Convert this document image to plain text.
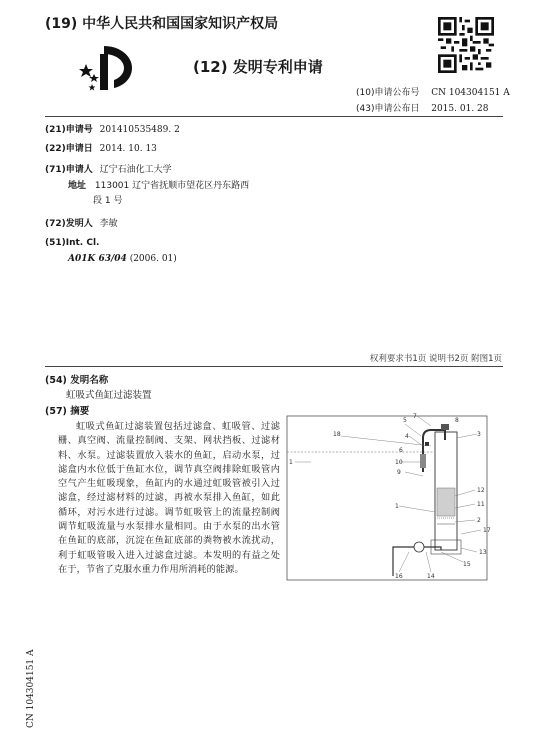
(19) 中华人民共和国国家知识产权局
(12) 发明专利申请
(10)申请公布号 CN 104304151 A
(43)申请公布日 2015. 01. 28
(21)申请号 201410535489. 2
(22)申请日 2014. 10. 13
(71)申请人 辽宁石油化工大学
地址 113001 辽宁省抚顺市望花区丹东路西
段 1 号
(72)发明人 李敏
(51)Int. Cl.
A01K 63/04 (2006. 01)
权利要求书1页 说明书2页 附图1页
(54) 发明名称
虹吸式鱼缸过滤装置
(57) 摘要
虹吸式鱼缸过滤装置包括过滤盒、虹吸管、过滤栅、真空阀、流量控制阀、支架、网状挡板、过滤材料、水泵。过滤装置放入装水的鱼缸，启动水泵，过滤盒内水位低于鱼缸水位，调节真空阀排除虹吸管内空气产生虹吸现象，鱼缸内的水通过虹吸管被引入过滤盒，经过滤材料的过滤，再被水泵排入鱼缸，如此循环，对污水进行过滤。调节虹吸管上的流量控制阀调节虹吸流量与水泵排水量相同。由于水泵的出水管在鱼缸的底部，沉淀在鱼缸底部的粪物被水流扰动，利于虹吸管吸入进入过滤盒过滤。本发明的有益之处在于，节省了克服水重力作用所消耗的能源。
18
1
5
7
8
4	3
10
6
9
1
12
11
2
17
13
15
14
16
CN 104304151 A
